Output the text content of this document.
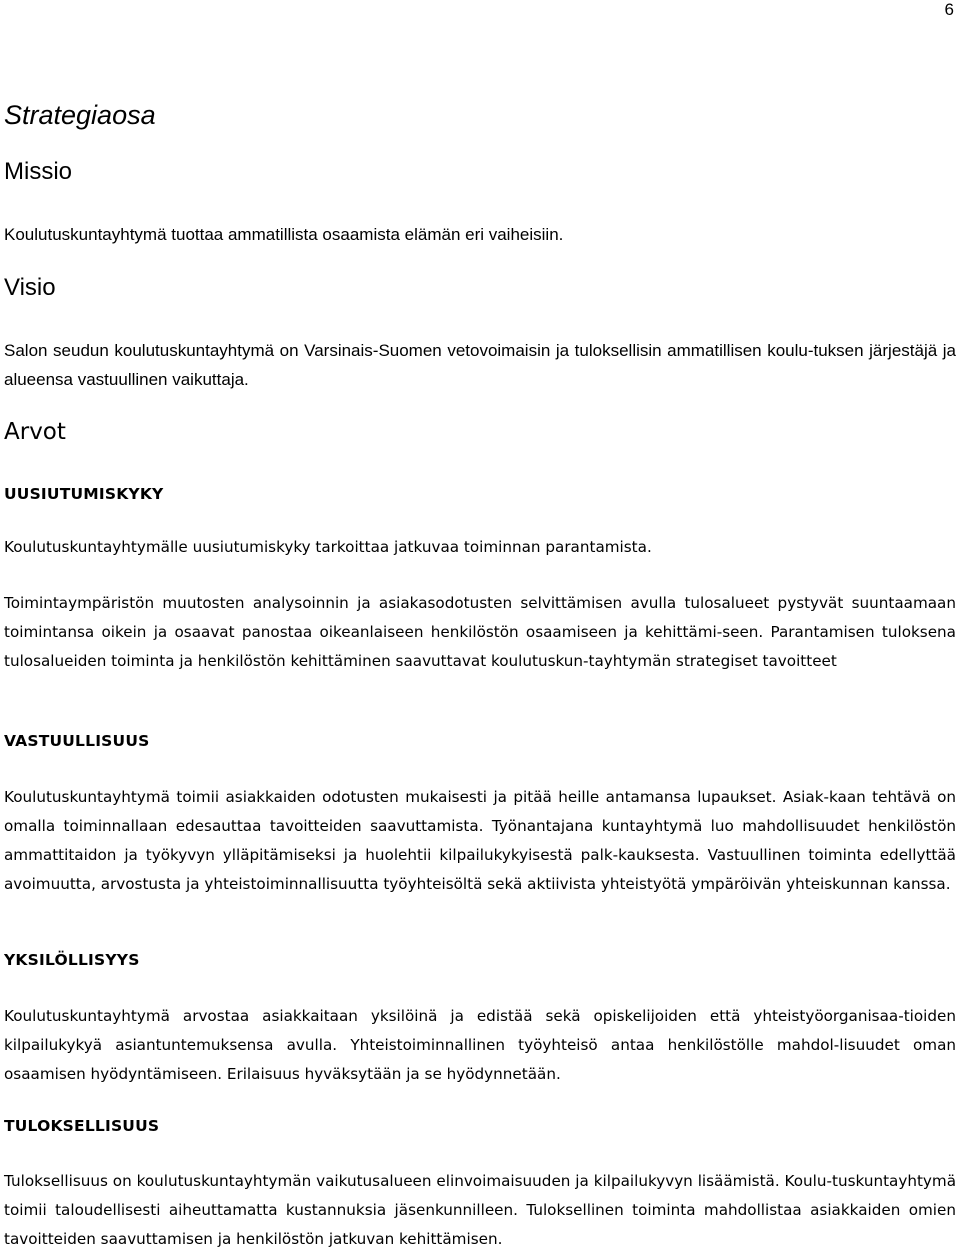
6
Strategiaosa
Missio

Koulutuskuntayhtymä tuottaa ammatillista osaamista elämän eri vaiheisiin.

Visio

Salon seudun koulutuskuntayhtymä on Varsinais-Suomen vetovoimaisin ja tuloksellisin ammatillisen koulu-tuksen järjestäjä ja alueensa vastuullinen vaikuttaja.

Arvot
UUSIUTUMISKYKY

Koulutuskuntayhtymälle uusiutumiskyky tarkoittaa jatkuvaa toiminnan parantamista.

Toimintaympäristön muutosten analysoinnin ja asiakasodotusten selvittämisen avulla tulosalueet pystyvät suuntaamaan toimintansa oikein ja osaavat panostaa oikeanlaiseen henkilöstön osaamiseen ja kehittämi-seen. Parantamisen tuloksena tulosalueiden toiminta ja henkilöstön kehittäminen saavuttavat koulutuskun-tayhtymän strategiset tavoitteet

VASTUULLISUUS

Koulutuskuntayhtymä toimii asiakkaiden odotusten mukaisesti ja pitää heille antamansa lupaukset. Asiak-kaan tehtävä on omalla toiminnallaan edesauttaa tavoitteiden saavuttamista. Työnantajana kuntayhtymä luo mahdollisuudet henkilöstön ammattitaidon ja työkyvyn ylläpitämiseksi ja huolehtii kilpailukykyisestä palk-kauksesta. Vastuullinen toiminta edellyttää avoimuutta, arvostusta ja yhteistoiminnallisuutta työyhteisöltä sekä aktiivista yhteistyötä ympäröivän yhteiskunnan kanssa.

YKSILÖLLISYYS

Koulutuskuntayhtymä arvostaa asiakkaitaan yksilöinä ja edistää sekä opiskelijoiden että yhteistyöorganisaa-tioiden kilpailukykyä asiantuntemuksensa avulla. Yhteistoiminnallinen työyhteisö antaa henkilöstölle mahdol-lisuudet oman osaamisen hyödyntämiseen. Erilaisuus hyväksytään ja se hyödynnetään.

TULOKSELLISUUS

Tuloksellisuus on koulutuskuntayhtymän vaikutusalueen elinvoimaisuuden ja kilpailukyvyn lisäämistä. Koulu-tuskuntayhtymä toimii taloudellisesti aiheuttamatta kustannuksia jäsenkunnilleen. Tuloksellinen toiminta mahdollistaa asiakkaiden omien tavoitteiden saavuttamisen ja henkilöstön jatkuvan kehittämisen.
